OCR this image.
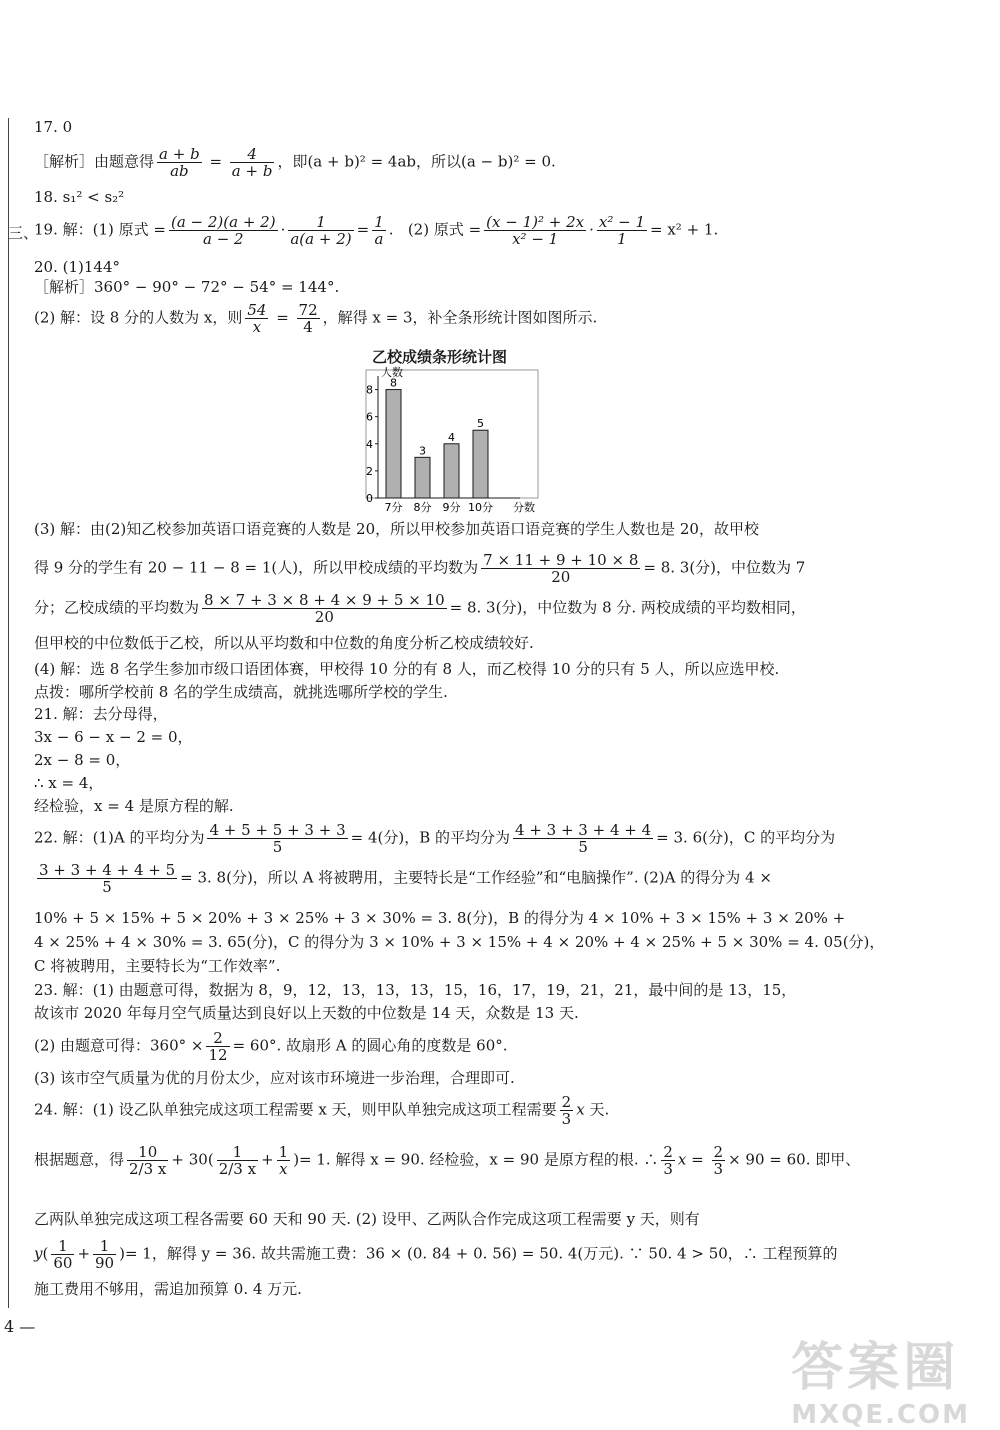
17. 0
［解析］由题意得 $\frac{a + b}{ab} = \frac{4}{a + b}$ ，即(a + b)² = 4ab，所以(a − b)² = 0.
18. s₁² < s₂²
三、
19. 解：(1) 原式 = $\frac{(a - 2)(a + 2)}{a - 2} \cdot \frac{1}{a(a + 2)} = \frac{1}{a}$ .   (2) 原式 = $\frac{\text{(x − 1)² + 2x}}{\text{x² − 1}} \cdot \frac{\text{x² − 1}}{1} = x^2 + 1$.
20. (1)144°
［解析］360° − 90° − 72° − 54° = 144°.
(2) 解：设 8 分的人数为 x，则 $\frac{54}{x} = \frac{72}{4}$ ，解得 x = 3，补全条形统计图如图所示.
乙校成绩条形统计图
人数
分数
0
2
4
6
8
8
7分
3
8分
4
9分
5
10分
(3) 解：由(2)知乙校参加英语口语竞赛的人数是 20，所以甲校参加英语口语竞赛的学生人数也是 20，故甲校
得 9 分的学生有 20 − 11 − 8 = 1(人)，所以甲校成绩的平均数为 $\frac{7 \times 11 + 9 + 10 \times 8}{20} = 8$. 3(分)，中位数为 7
分；乙校成绩的平均数为 $\frac{8 \times 7 + 3 \times 8 + 4 \times 9 + 5 \times 10}{20} = 8$. 3(分)，中位数为 8 分. 两校成绩的平均数相同，
但甲校的中位数低于乙校，所以从平均数和中位数的角度分析乙校成绩较好.
(4) 解：选 8 名学生参加市级口语团体赛，甲校得 10 分的有 8 人，而乙校得 10 分的只有 5 人，所以应选甲校.
点拨：哪所学校前 8 名的学生成绩高，就挑选哪所学校的学生.
21. 解：去分母得，
3x − 6 − x − 2 = 0，
2x − 8 = 0，
∴ x = 4，
经检验，x = 4 是原方程的解.
22. 解：(1)A 的平均分为 $\frac{4 + 5 + 5 + 3 + 3}{5} = 4$(分)，B 的平均分为 $\frac{4 + 3 + 3 + 4 + 4}{5} = 3$. 6(分)，C 的平均分为
$\frac{3 + 3 + 4 + 4 + 5}{5} = 3$. 8(分)，所以 A 将被聘用，主要特长是“工作经验”和“电脑操作”. (2)A 的得分为 4 ×
10% + 5 × 15% + 5 × 20% + 3 × 25% + 3 × 30% = 3. 8(分)，B 的得分为 4 × 10% + 3 × 15% + 3 × 20% +
4 × 25% + 4 × 30% = 3. 65(分)，C 的得分为 3 × 10% + 3 × 15% + 4 × 20% + 4 × 25% + 5 × 30% = 4. 05(分)，
C 将被聘用，主要特长为“工作效率”.
23. 解：(1) 由题意可得，数据为 8，9，12，13，13，13，15，16，17，19，21，21，最中间的是 13，15，
故该市 2020 年每月空气质量达到良好以上天数的中位数是 14 天，众数是 13 天.
(2) 由题意可得：$360^\circ \times \frac{2}{12} = 60^\circ$. 故扇形 A 的圆心角的度数是 60°.
(3) 该市空气质量为优的月份太少，应对该市环境进一步治理，合理即可.
24. 解：(1) 设乙队单独完成这项工程需要 x 天，则甲队单独完成这项工程需要 $\frac{2}{3}$ x 天.
根据题意，得 $\frac{10}{2/3 x} + 30( \frac{1}{2/3 x} + \frac{1}{x}$ )= 1. 解得 x = 90. 经检验，x = 90 是原方程的根. ∴ $\frac{2}{3}$ $x = \frac{2}{3} \times 90 = 60$. 即甲、
乙两队单独完成这项工程各需要 60 天和 90 天. (2) 设甲、乙两队合作完成这项工程需要 y 天，则有
$y( \frac{1}{60} + \frac{1}{90}$ )= 1，解得 y = 36. 故共需施工费：36 × (0. 84 + 0. 56) = 50. 4(万元). ∵ 50. 4 > 50，∴ 工程预算的
施工费用不够用，需追加预算 0. 4 万元.
4 —
答案圈
MXQE.COM
